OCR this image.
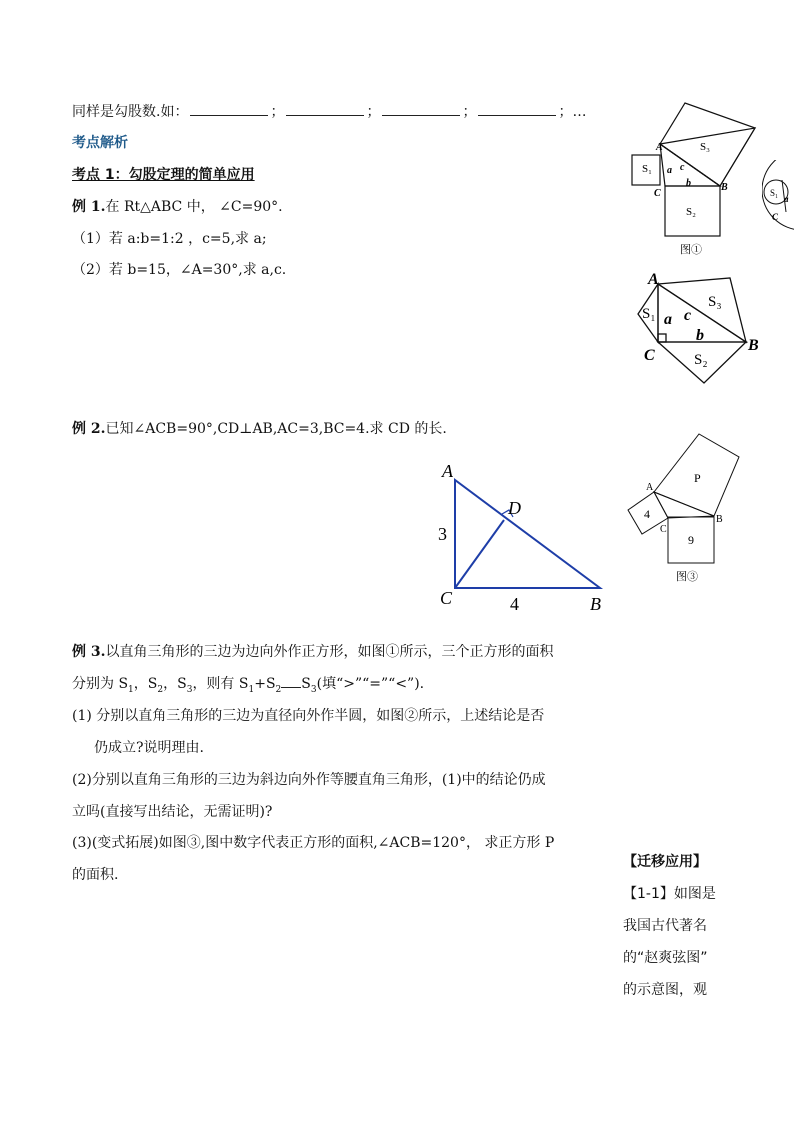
同样是勾股数.如：	；	；	；	；…
考点解析
考点 1：勾股定理的简单应用
例 1.在 Rt△ABC 中， ∠C=90°.
（1）若 a:b=1:2 ，c=5,求 a;
（2）若 b=15，∠A=30°,求 a,c.
例 2.已知∠ACB=90°,CD⊥AB,AC=3,BC=4.求 CD 的长.
例 3.以直角三角形的三边为边向外作正方形，如图①所示，三个正方形的面积
分别为 $S_1$，$S_2$，$S_3$，则有 $S_1+S_2$ $S_3$(填“>”“=”“<”).
(1) 分别以直角三角形的三边为直径向外作半圆，如图②所示，上述结论是否
仍成立?说明理由.
(2)分别以直角三角形的三边为斜边向外作等腰直角三角形，(1)中的结论仍成
立吗(直接写出结论，无需证明)?
(3)(变式拓展)如图③,图中数字代表正方形的面积,∠ACB=120°， 求正方形 P
的面积.
【迁移应用】
【1-1】如图是
我国古代著名
的“赵爽弦图”
的示意图，观
S₁
S₂
S₃
A
B
C
a
b
c
图①
S₁
a
C
A
B
C
a
b
c
S₁
S₃
S₂
A
B
C
D
3
4
A
B
C
P
4
9
图③
